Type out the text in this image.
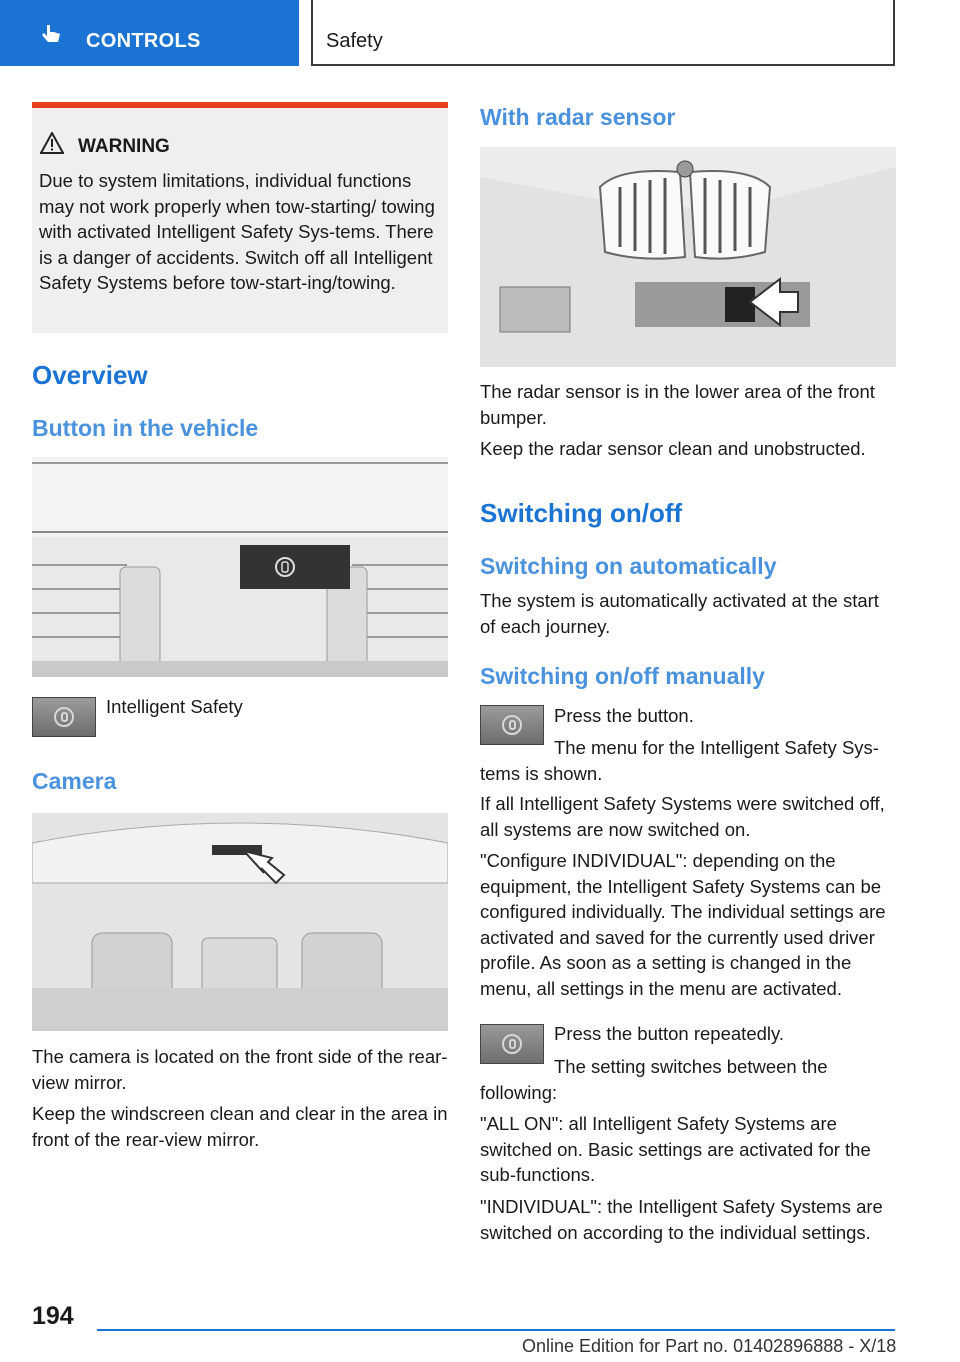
CONTROLS	Safety
WARNING
Due to system limitations, individual functions may not work properly when tow-starting/ towing with activated Intelligent Safety Sys-tems. There is a danger of accidents. Switch off all Intelligent Safety Systems before tow-start-ing/towing.
Overview
Button in the vehicle

Intelligent Safety

Camera

The camera is located on the front side of the rear-view mirror.

Keep the windscreen clean and clear in the area in front of the rear-view mirror.

With radar sensor

The radar sensor is in the lower area of the front bumper.

Keep the radar sensor clean and unobstructed.

Switching on/off
Switching on automatically

The system is automatically activated at the start of each journey.

Switching on/off manually

Press the button.

The menu for the Intelligent Safety Sys-tems is shown.

If all Intelligent Safety Systems were switched off, all systems are now switched on.

"Configure INDIVIDUAL": depending on the equipment, the Intelligent Safety Systems can be configured individually. The individual settings are activated and saved for the currently used driver profile. As soon as a setting is changed in the menu, all settings in the menu are activated.

Press the button repeatedly.

The setting switches between the following:

"ALL ON": all Intelligent Safety Systems are switched on. Basic settings are activated for the sub-functions.

"INDIVIDUAL": the Intelligent Safety Systems are switched on according to the individual settings.

194
Online Edition for Part no. 01402896888 - X/18
